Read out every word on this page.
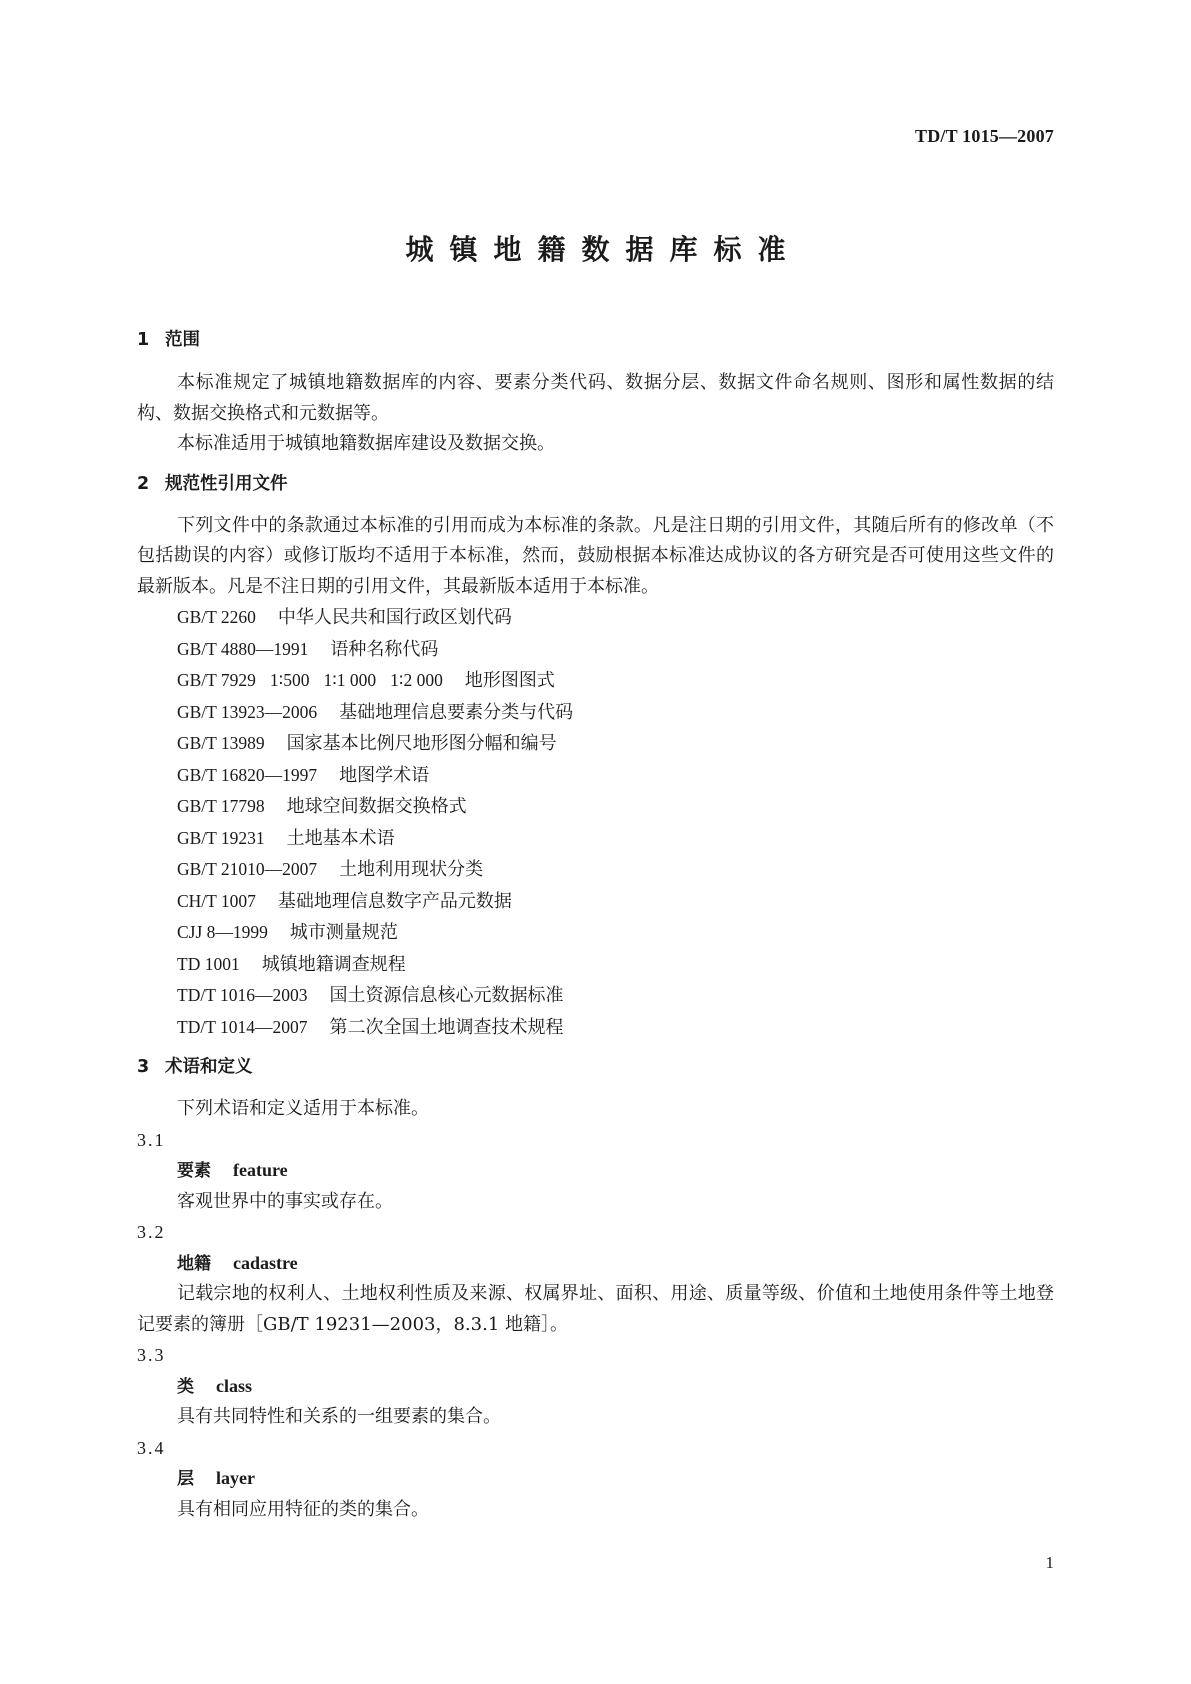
TD/T 1015—2007
城镇地籍数据库标准
1 范围
本标准规定了城镇地籍数据库的内容、要素分类代码、数据分层、数据文件命名规则、图形和属性数据的结构、数据交换格式和元数据等。
本标准适用于城镇地籍数据库建设及数据交换。
2 规范性引用文件
下列文件中的条款通过本标准的引用而成为本标准的条款。凡是注日期的引用文件，其随后所有的修改单（不包括勘误的内容）或修订版均不适用于本标准，然而，鼓励根据本标准达成协议的各方研究是否可使用这些文件的最新版本。凡是不注日期的引用文件，其最新版本适用于本标准。
GB/T 2260 中华人民共和国行政区划代码
GB/T 4880—1991 语种名称代码
GB/T 7929 1∶500 1∶1 000 1∶2 000 地形图图式
GB/T 13923—2006 基础地理信息要素分类与代码
GB/T 13989 国家基本比例尺地形图分幅和编号
GB/T 16820—1997 地图学术语
GB/T 17798 地球空间数据交换格式
GB/T 19231 土地基本术语
GB/T 21010—2007 土地利用现状分类
CH/T 1007 基础地理信息数字产品元数据
CJJ 8—1999 城市测量规范
TD 1001 城镇地籍调查规程
TD/T 1016—2003 国土资源信息核心元数据标准
TD/T 1014—2007 第二次全国土地调查技术规程
3 术语和定义
下列术语和定义适用于本标准。
3.1
要素 feature
客观世界中的事实或存在。
3.2
地籍 cadastre
记载宗地的权利人、土地权利性质及来源、权属界址、面积、用途、质量等级、价值和土地使用条件等土地登记要素的簿册［GB/T 19231—2003，8.3.1 地籍］。
3.3
类 class
具有共同特性和关系的一组要素的集合。
3.4
层 layer
具有相同应用特征的类的集合。
1
